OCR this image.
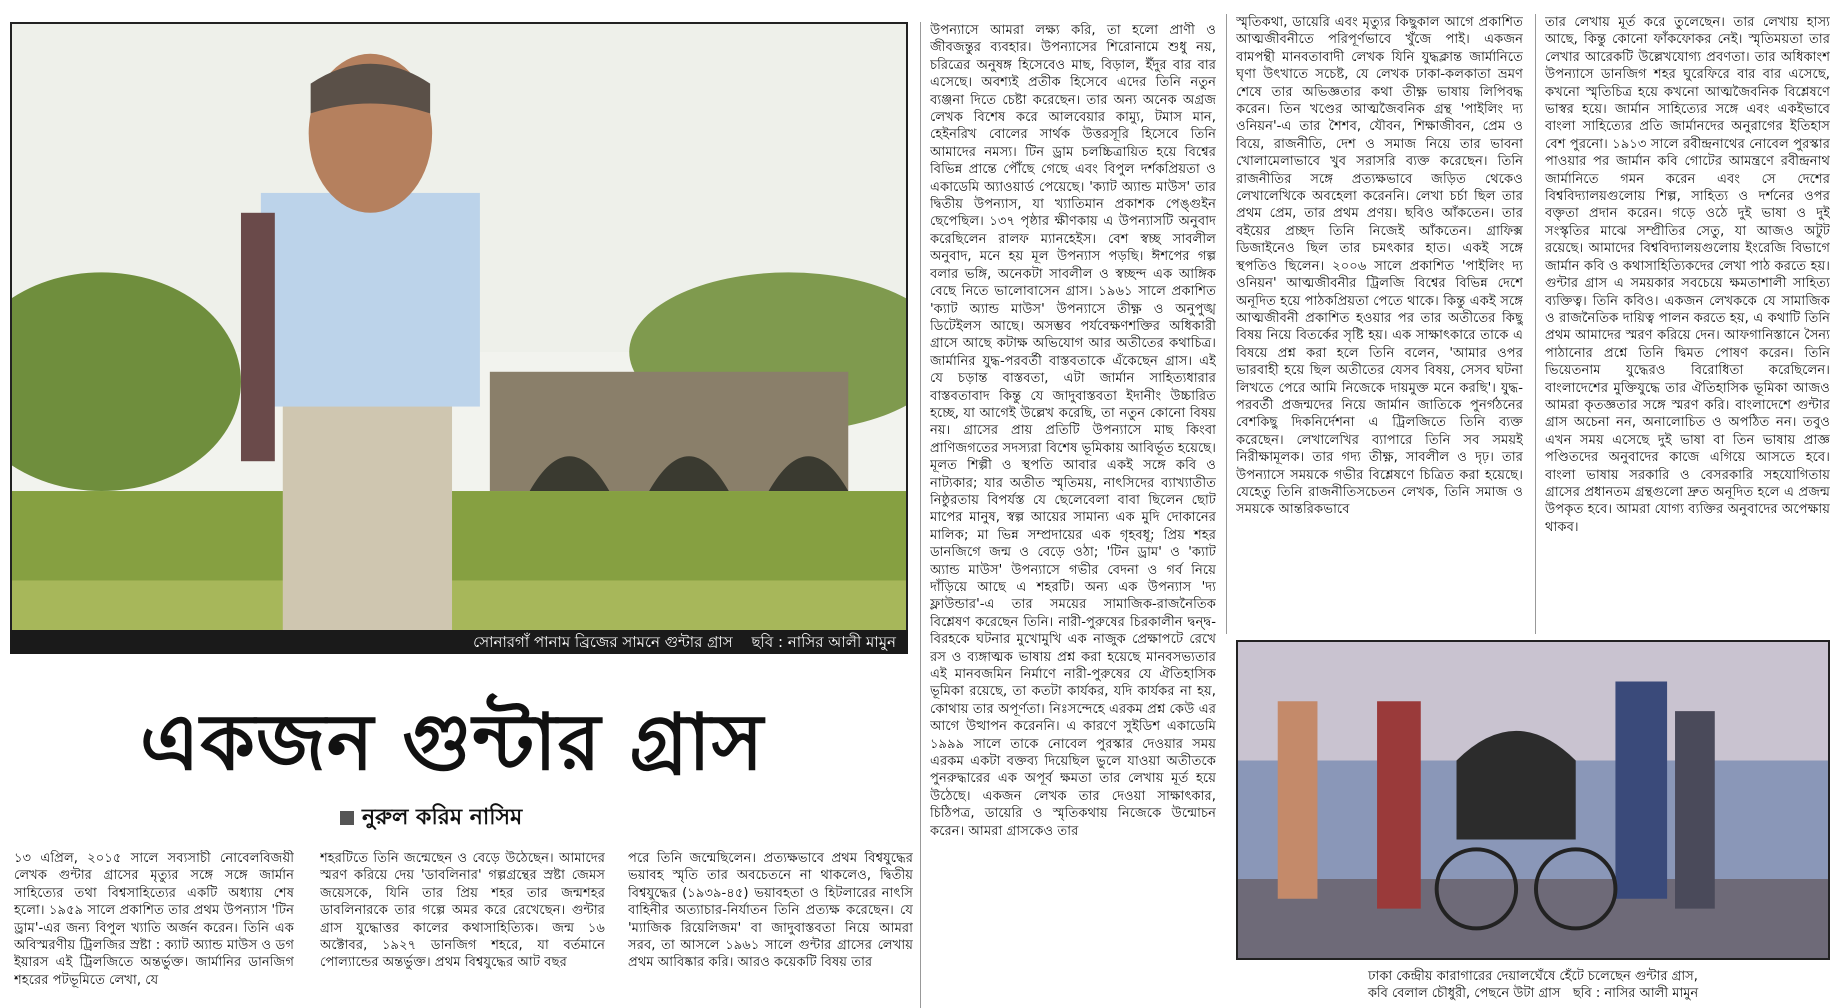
সোনারগাঁ পানাম ব্রিজের সামনে গুন্টার গ্রাস ছবি : নাসির আলী মামুন
একজন গুন্টার গ্রাস
নুরুল করিম নাসিম

১৩ এপ্রিল, ২০১৫ সালে সব্যসাচী নোবেলবিজয়ী লেখক গুন্টার গ্রাসের মৃত্যুর সঙ্গে সঙ্গে জার্মান সাহিত্যের তথা বিশ্বসাহিত্যের একটি অধ্যায় শেষ হলো। ১৯৫৯ সালে প্রকাশিত তার প্রথম উপন্যাস 'টিন ড্রাম'-এর জন্য বিপুল খ্যাতি অর্জন করেন। তিনি এক অবিস্মরণীয় ট্রিলজির স্রষ্টা : ক্যাট অ্যান্ড মাউস ও ডগ ইয়ারস এই ট্রিলজিতে অন্তর্ভুক্ত। জার্মানির ডানজিগ শহরের পটভূমিতে লেখা, যে

শহরটিতে তিনি জন্মেছেন ও বেড়ে উঠেছেন। আমাদের স্মরণ করিয়ে দেয় 'ডাবলিনার' গল্পগ্রন্থের স্রষ্টা জেমস জয়েসকে, যিনি তার প্রিয় শহর তার জন্মশহর ডাবলিনারকে তার গল্পে অমর করে রেখেছেন। গুন্টার গ্রাস যুদ্ধোত্তর কালের কথাসাহিত্যিক। জন্ম ১৬ অক্টোবর, ১৯২৭ ডানজিগ শহরে, যা বর্তমানে পোল্যান্ডের অন্তর্ভুক্ত। প্রথম বিশ্বযুদ্ধের আট বছর

পরে তিনি জন্মেছিলেন। প্রত্যক্ষভাবে প্রথম বিশ্বযুদ্ধের ভয়াবহ স্মৃতি তার অবচেতনে না থাকলেও, দ্বিতীয় বিশ্বযুদ্ধের (১৯৩৯-৪৫) ভয়াবহতা ও হিটলারের নাৎসি বাহিনীর অত্যাচার-নির্যাতন তিনি প্রত্যক্ষ করেছেন। যে 'ম্যাজিক রিয়েলিজম' বা জাদুবাস্তবতা নিয়ে আমরা সরব, তা আসলে ১৯৬১ সালে গুন্টার গ্রাসের লেখায় প্রথম আবিষ্কার করি। আরও কয়েকটি বিষয় তার

উপন্যাসে আমরা লক্ষ্য করি, তা হলো প্রাণী ও জীবজন্তুর ব্যবহার। উপন্যাসের শিরোনামে শুধু নয়, চরিত্রের অনুষঙ্গ হিসেবেও মাছ, বিড়াল, ইঁদুর বার বার এসেছে। অবশ্যই প্রতীক হিসেবে এদের তিনি নতুন ব্যঞ্জনা দিতে চেষ্টা করেছেন। তার অন্য অনেক অগ্রজ লেখক বিশেষ করে আলবেয়ার কাম্যু, টমাস মান, হেইনরিখ বোলের সার্থক উত্তরসূরি হিসেবে তিনি আমাদের নমস্য। টিন ড্রাম চলচ্চিত্রায়িত হয়ে বিশ্বের বিভিন্ন প্রান্তে পৌঁছে গেছে এবং বিপুল দর্শকপ্রিয়তা ও একাডেমি অ্যাওয়ার্ড পেয়েছে। 'ক্যাট অ্যান্ড মাউস' তার দ্বিতীয় উপন্যাস, যা খ্যাতিমান প্রকাশক পেঙ্গুইন ছেপেছিল। ১৩৭ পৃষ্ঠার ক্ষীণকায় এ উপন্যাসটি অনুবাদ করেছিলেন রালফ ম্যানহেইস। বেশ স্বচ্ছ সাবলীল অনুবাদ, মনে হয় মূল উপন্যাস পড়ছি। ঈশপের গল্প বলার ভঙ্গি, অনেকটা সাবলীল ও স্বচ্ছন্দ এক আঙ্গিক বেছে নিতে ভালোবাসেন গ্রাস। ১৯৬১ সালে প্রকাশিত 'ক্যাট অ্যান্ড মাউস' উপন্যাসে তীক্ষ্ণ ও অনুপুঙ্খ ডিটেইলস আছে। অসম্ভব পর্যবেক্ষণশক্তির অধিকারী গ্রাসে আছে কটাক্ষ অভিযোগ আর অতীতের কথাচিত্র। জার্মানির যুদ্ধ-পরবর্তী বাস্তবতাকে এঁকেছেন গ্রাস। এই যে চড়ান্ত বাস্তবতা, এটা জার্মান সাহিত্যধারার বাস্তবতাবাদ কিন্তু যে জাদুবাস্তবতা ইদানীং উচ্চারিত হচ্ছে, যা আগেই উল্লেখ করেছি, তা নতুন কোনো বিষয় নয়। গ্রাসের প্রায় প্রতিটি উপন্যাসে মাছ কিংবা প্রাণিজগতের সদস্যরা বিশেষ ভূমিকায় আবির্ভূত হয়েছে। মূলত শিল্পী ও স্থপতি আবার একই সঙ্গে কবি ও নাট্যকার; যার অতীত স্মৃতিময়, নাৎসিদের ব্যাখ্যাতীত নিষ্ঠুরতায় বিপর্যস্ত যে ছেলেবেলা বাবা ছিলেন ছোট মাপের মানুষ, স্বল্প আয়ের সামান্য এক মুদি দোকানের মালিক; মা ভিন্ন সম্প্রদায়ের এক গৃহবধূ; প্রিয় শহর ডানজিগে জন্ম ও বেড়ে ওঠা; 'টিন ড্রাম' ও 'ক্যাট অ্যান্ড মাউস' উপন্যাসে গভীর বেদনা ও গর্ব নিয়ে দাঁড়িয়ে আছে এ শহরটি। অন্য এক উপন্যাস 'দ্য ফ্লাউন্ডার'-এ তার সময়ের সামাজিক-রাজনৈতিক বিশ্লেষণ করেছেন তিনি। নারী-পুরুষের চিরকালীন দ্বন্দ্ব-বিরহকে ঘটনার মুখোমুখি এক নাজুক প্রেক্ষাপটে রেখে রস ও ব্যঙ্গাত্মক ভাষায় প্রশ্ন করা হয়েছে মানবসভ্যতার এই মানবজমিন নির্মাণে নারী-পুরুষের যে ঐতিহাসিক ভূমিকা রয়েছে, তা কতটা কার্যকর, যদি কার্যকর না হয়, কোথায় তার অপূর্ণতা। নিঃসন্দেহে এরকম প্রশ্ন কেউ এর আগে উত্থাপন করেননি। এ কারণে সুইডিশ একাডেমি ১৯৯৯ সালে তাকে নোবেল পুরস্কার দেওয়ার সময় এরকম একটা বক্তব্য দিয়েছিল ভুলে যাওয়া অতীতকে পুনরুদ্ধারের এক অপূর্ব ক্ষমতা তার লেখায় মূর্ত হয়ে উঠেছে। একজন লেখক তার দেওয়া সাক্ষাৎকার, চিঠিপত্র, ডায়েরি ও স্মৃতিকথায় নিজেকে উন্মোচন করেন। আমরা গ্রাসকেও তার

স্মৃতিকথা, ডায়েরি এবং মৃত্যুর কিছুকাল আগে প্রকাশিত আত্মজীবনীতে পরিপূর্ণভাবে খুঁজে পাই। একজন বামপন্থী মানবতাবাদী লেখক যিনি যুদ্ধক্লান্ত জার্মানিতে ঘৃণা উৎখাতে সচেষ্ট, যে লেখক ঢাকা-কলকাতা ভ্রমণ শেষে তার অভিজ্ঞতার কথা তীক্ষ্ণ ভাষায় লিপিবদ্ধ করেন। তিন খণ্ডের আত্মজৈবনিক গ্রন্থ 'পাইলিং দ্য ওনিয়ন'-এ তার শৈশব, যৌবন, শিক্ষাজীবন, প্রেম ও বিয়ে, রাজনীতি, দেশ ও সমাজ নিয়ে তার ভাবনা খোলামেলাভাবে খুব সরাসরি ব্যক্ত করেছেন। তিনি রাজনীতির সঙ্গে প্রত্যক্ষভাবে জড়িত থেকেও লেখালেখিকে অবহেলা করেননি। লেখা চর্চা ছিল তার প্রথম প্রেম, তার প্রথম প্রণয়। ছবিও আঁকতেন। তার বইয়ের প্রচ্ছদ তিনি নিজেই আঁকতেন। গ্রাফিক্স ডিজাইনেও ছিল তার চমৎকার হাত। একই সঙ্গে স্থপতিও ছিলেন। ২০০৬ সালে প্রকাশিত 'পাইলিং দ্য ওনিয়ন' আত্মজীবনীর ট্রিলজি বিশ্বের বিভিন্ন দেশে অনূদিত হয়ে পাঠকপ্রিয়তা পেতে থাকে। কিন্তু একই সঙ্গে আত্মজীবনী প্রকাশিত হওয়ার পর তার অতীতের কিছু বিষয় নিয়ে বিতর্কের সৃষ্টি হয়। এক সাক্ষাৎকারে তাকে এ বিষয়ে প্রশ্ন করা হলে তিনি বলেন, 'আমার ওপর ভারবাহী হয়ে ছিল অতীতের যেসব বিষয়, সেসব ঘটনা লিখতে পেরে আমি নিজেকে দায়মুক্ত মনে করছি'। যুদ্ধ-পরবর্তী প্রজন্মদের নিয়ে জার্মান জাতিকে পুনর্গঠনের বেশকিছু দিকনির্দেশনা এ ট্রিলজিতে তিনি ব্যক্ত করেছেন। লেখালেখির ব্যাপারে তিনি সব সময়ই নিরীক্ষামূলক। তার গদ্য তীক্ষ্ণ, সাবলীল ও দৃঢ়। তার উপন্যাসে সময়কে গভীর বিশ্লেষণে চিত্রিত করা হয়েছে। যেহেতু তিনি রাজনীতিসচেতন লেখক, তিনি সমাজ ও সময়কে আন্তরিকভাবে

তার লেখায় মূর্ত করে তুলেছেন। তার লেখায় হাস্য আছে, কিন্তু কোনো ফাঁকফোকর নেই। স্মৃতিময়তা তার লেখার আরেকটি উল্লেখযোগ্য প্রবণতা। তার অধিকাংশ উপন্যাসে ডানজিগ শহর ঘুরেফিরে বার বার এসেছে, কখনো স্মৃতিচিত্র হয়ে কখনো আত্মজৈবনিক বিশ্লেষণে ভাস্বর হয়ে। জার্মান সাহিত্যের সঙ্গে এবং একইভাবে বাংলা সাহিত্যের প্রতি জার্মানদের অনুরাগের ইতিহাস বেশ পুরনো। ১৯১৩ সালে রবীন্দ্রনাথের নোবেল পুরস্কার পাওয়ার পর জার্মান কবি গোটের আমন্ত্রণে রবীন্দ্রনাথ জার্মানিতে গমন করেন এবং সে দেশের বিশ্ববিদ্যালয়গুলোয় শিল্প, সাহিত্য ও দর্শনের ওপর বক্তৃতা প্রদান করেন। গড়ে ওঠে দুই ভাষা ও দুই সংস্কৃতির মাঝে সম্প্রীতির সেতু, যা আজও অটুট রয়েছে। আমাদের বিশ্ববিদ্যালয়গুলোয় ইংরেজি বিভাগে জার্মান কবি ও কথাসাহিত্যিকদের লেখা পাঠ করতে হয়। গুন্টার গ্রাস এ সময়কার সবচেয়ে ক্ষমতাশালী সাহিত্য ব্যক্তিত্ব। তিনি কবিও। একজন লেখককে যে সামাজিক ও রাজনৈতিক দায়িত্ব পালন করতে হয়, এ কথাটি তিনি প্রথম আমাদের স্মরণ করিয়ে দেন। আফগানিস্তানে সৈন্য পাঠানোর প্রশ্নে তিনি দ্বিমত পোষণ করেন। তিনি ভিয়েতনাম যুদ্ধেরও বিরোধিতা করেছিলেন। বাংলাদেশের মুক্তিযুদ্ধে তার ঐতিহাসিক ভূমিকা আজও আমরা কৃতজ্ঞতার সঙ্গে স্মরণ করি। বাংলাদেশে গুন্টার গ্রাস অচেনা নন, অনালোচিত ও অপঠিত নন। তবুও এখন সময় এসেছে দুই ভাষা বা তিন ভাষায় প্রাজ্ঞ পণ্ডিতদের অনুবাদের কাজে এগিয়ে আসতে হবে। বাংলা ভাষায় সরকারি ও বেসরকারি সহযোগিতায় গ্রাসের প্রধানতম গ্রন্থগুলো দ্রুত অনূদিত হলে এ প্রজন্ম উপকৃত হবে। আমরা যোগ্য ব্যক্তির অনুবাদের অপেক্ষায় থাকব।

ঢাকা কেন্দ্রীয় কারাগারের দেয়ালঘেঁষে হেঁটে চলেছেন গুন্টার গ্রাস,
কবি বেলাল চৌধুরী, পেছনে উটা গ্রাস ছবি : নাসির আলী মামুন
